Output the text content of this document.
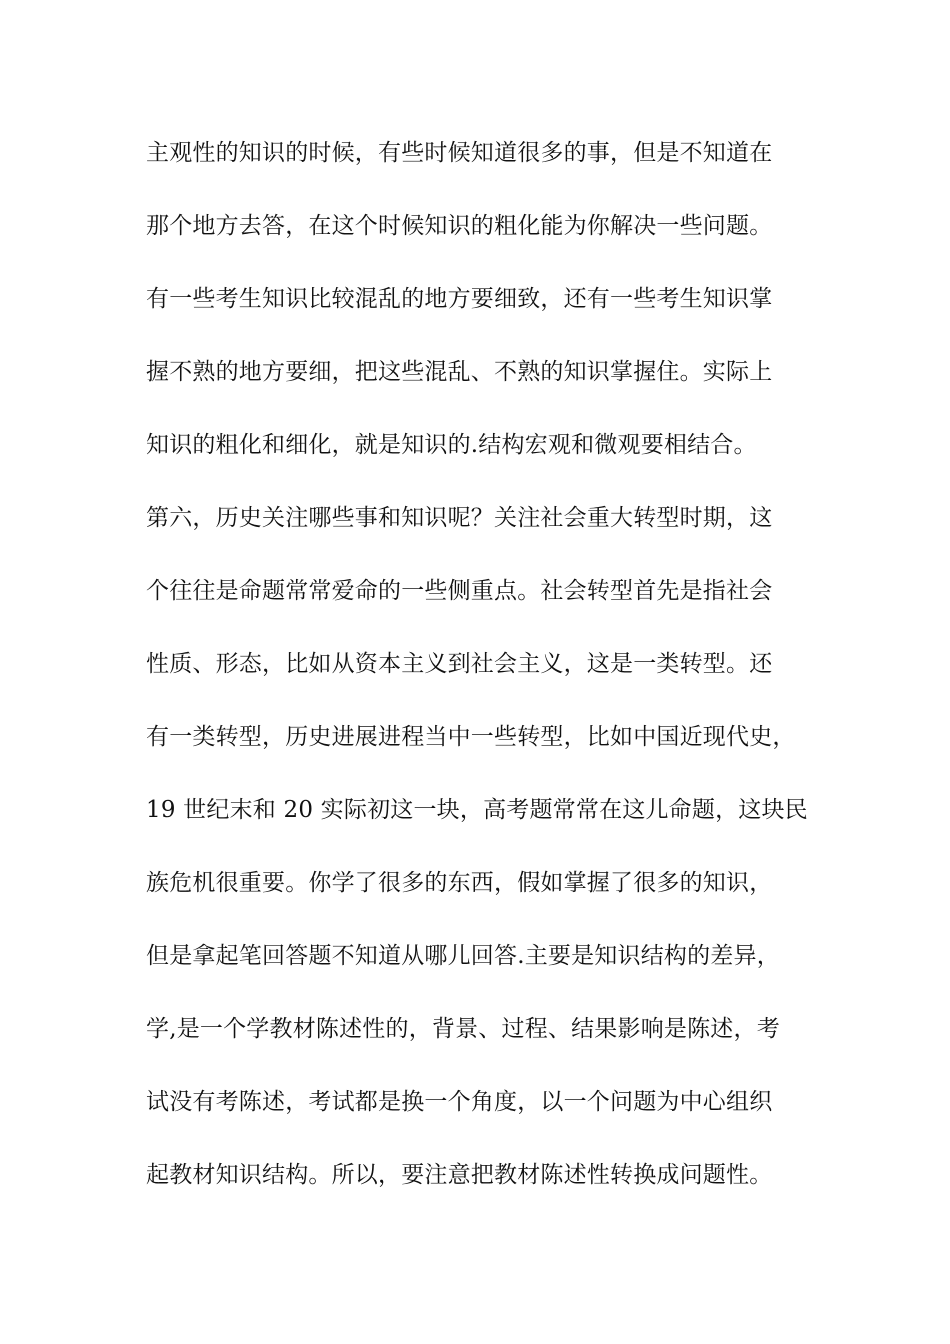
主观性的知识的时候，有些时候知道很多的事，但是不知道在
那个地方去答，在这个时候知识的粗化能为你解决一些问题。
有一些考生知识比较混乱的地方要细致，还有一些考生知识掌
握不熟的地方要细，把这些混乱、不熟的知识掌握住。实际上
知识的粗化和细化，就是知识的.结构宏观和微观要相结合。
第六，历史关注哪些事和知识呢？关注社会重大转型时期，这
个往往是命题常常爱命的一些侧重点。社会转型首先是指社会
性质、形态，比如从资本主义到社会主义，这是一类转型。还
有一类转型，历史进展进程当中一些转型，比如中国近现代史，
19 世纪末和 20 实际初这一块，高考题常常在这儿命题，这块民
族危机很重要。你学了很多的东西，假如掌握了很多的知识，
但是拿起笔回答题不知道从哪儿回答.主要是知识结构的差异，
学,是一个学教材陈述性的，背景、过程、结果影响是陈述，考
试没有考陈述，考试都是换一个角度，以一个问题为中心组织
起教材知识结构。所以，要注意把教材陈述性转换成问题性。
